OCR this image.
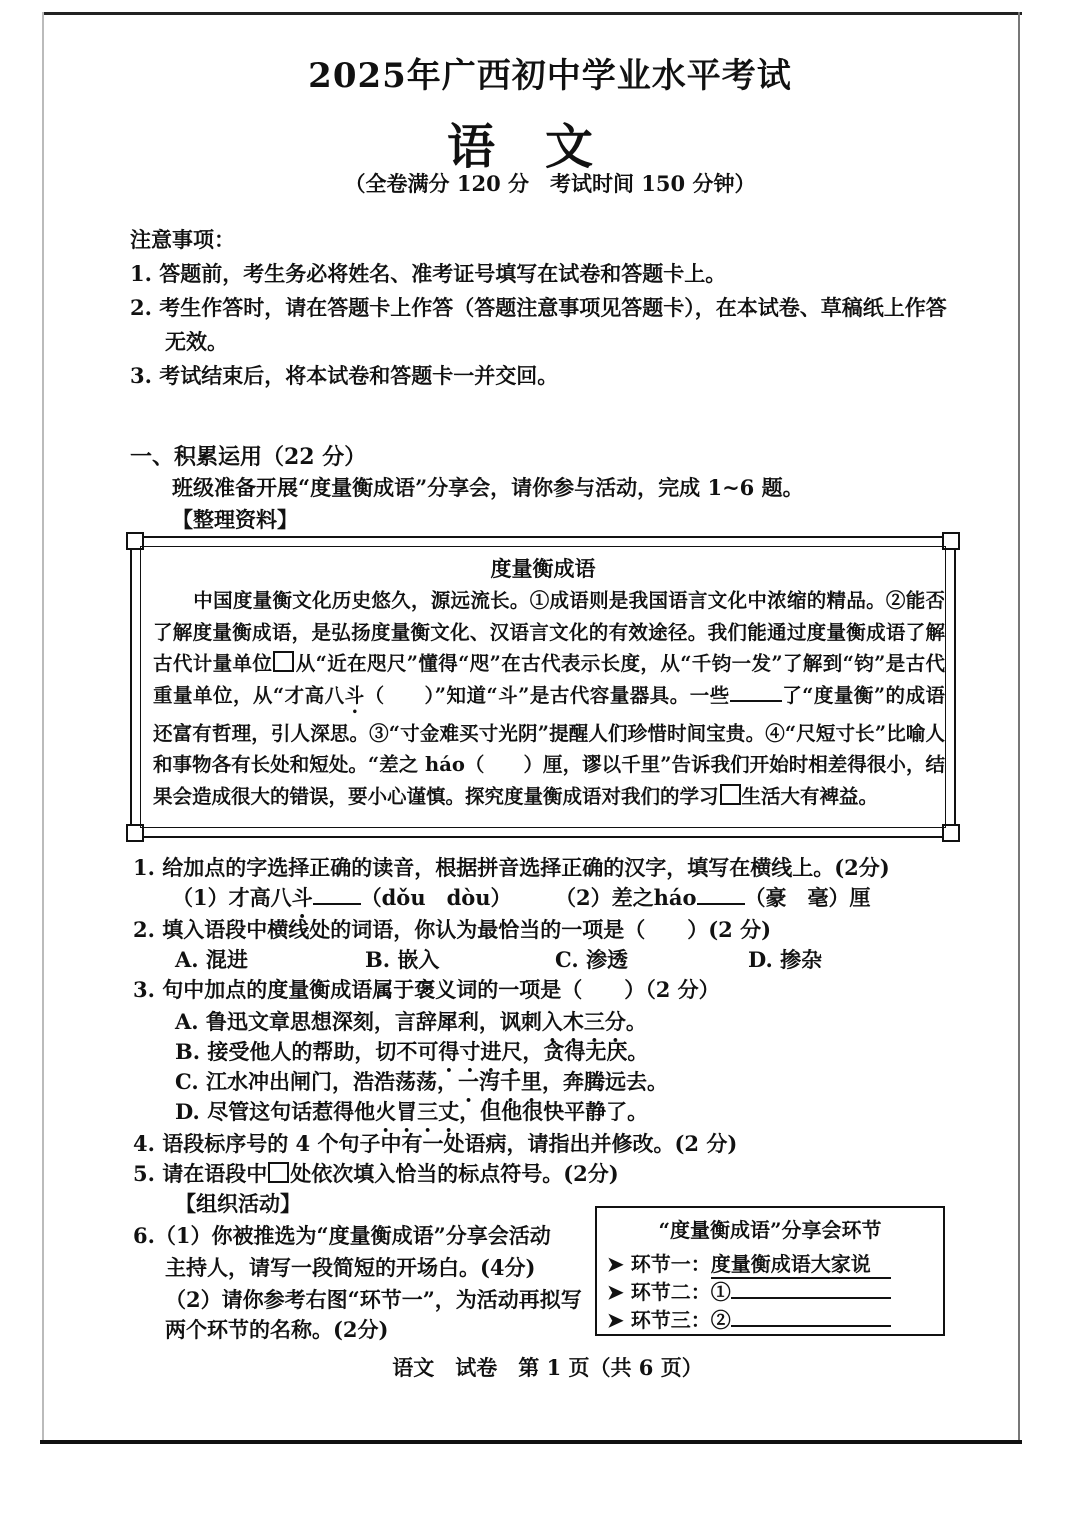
2025年广西初中学业水平考试
语文
（全卷满分 120 分　考试时间 150 分钟）
注意事项：
1. 答题前，考生务必将姓名、准考证号填写在试卷和答题卡上。
2. 考生作答时，请在答题卡上作答（答题注意事项见答题卡），在本试卷、草稿纸上作答
无效。
3. 考试结束后，将本试卷和答题卡一并交回。
一、积累运用（22 分）
班级准备开展“度量衡成语”分享会，请你参与活动，完成 1~6 题。
【整理资料】
度量衡成语
中国度量衡文化历史悠久，源远流长。①成语则是我国语言文化中浓缩的精品。②能否了解度量衡成语，是弘扬度量衡文化、汉语言文化的有效途径。我们能通过度量衡成语了解古代计量单位 从“近在咫尺”懂得“咫”在古代表示长度，从“千钧一发”了解到“钧”是古代重量单位，从“才高八斗（　　）”知道“斗”是古代容量器具。一些	了“度量衡”的成语还富有哲理，引人深思。③“寸金难买寸光阴”提醒人们珍惜时间宝贵。④“尺短寸长”比喻人和事物各有长处和短处。“差之 háo（　　）厘，谬以千里”告诉我们开始时相差得很小，结果会造成很大的错误，要小心谨慎。探究度量衡成语对我们的学习 生活大有裨益。
1. 给加点的字选择正确的读音，根据拼音选择正确的汉字，填写在横线上。(2分)
（1）才高八斗 （dǒu　dòu） （2）差之háo （豪　毫）厘
2. 填入语段中横线处的词语，你认为最恰当的一项是（　　）(2 分)
A. 混进	B. 嵌入	C. 渗透	D. 掺杂
3. 句中加点的度量衡成语属于褒义词的一项是（　　）（2 分）
A. 鲁迅文章思想深刻，言辞犀利，讽刺入木三分。
B. 接受他人的帮助，切不可得寸进尺，贪得无厌。
C. 江水冲出闸门，浩浩荡荡，一泻千里，奔腾远去。
D. 尽管这句话惹得他火冒三丈，但他很快平静了。
4. 语段标序号的 4 个句子中有一处语病，请指出并修改。(2 分)
5. 请在语段中 处依次填入恰当的标点符号。(2分)
【组织活动】
6.（1）你被推选为“度量衡成语”分享会活动
主持人，请写一段简短的开场白。(4分)
（2）请你参考右图“环节一”，为活动再拟写
两个环节的名称。(2分)
“度量衡成语”分享会环节
➤ 环节一：度量衡成语大家说
➤ 环节二：①
➤ 环节三：②
语文　试卷　第 1 页（共 6 页）
